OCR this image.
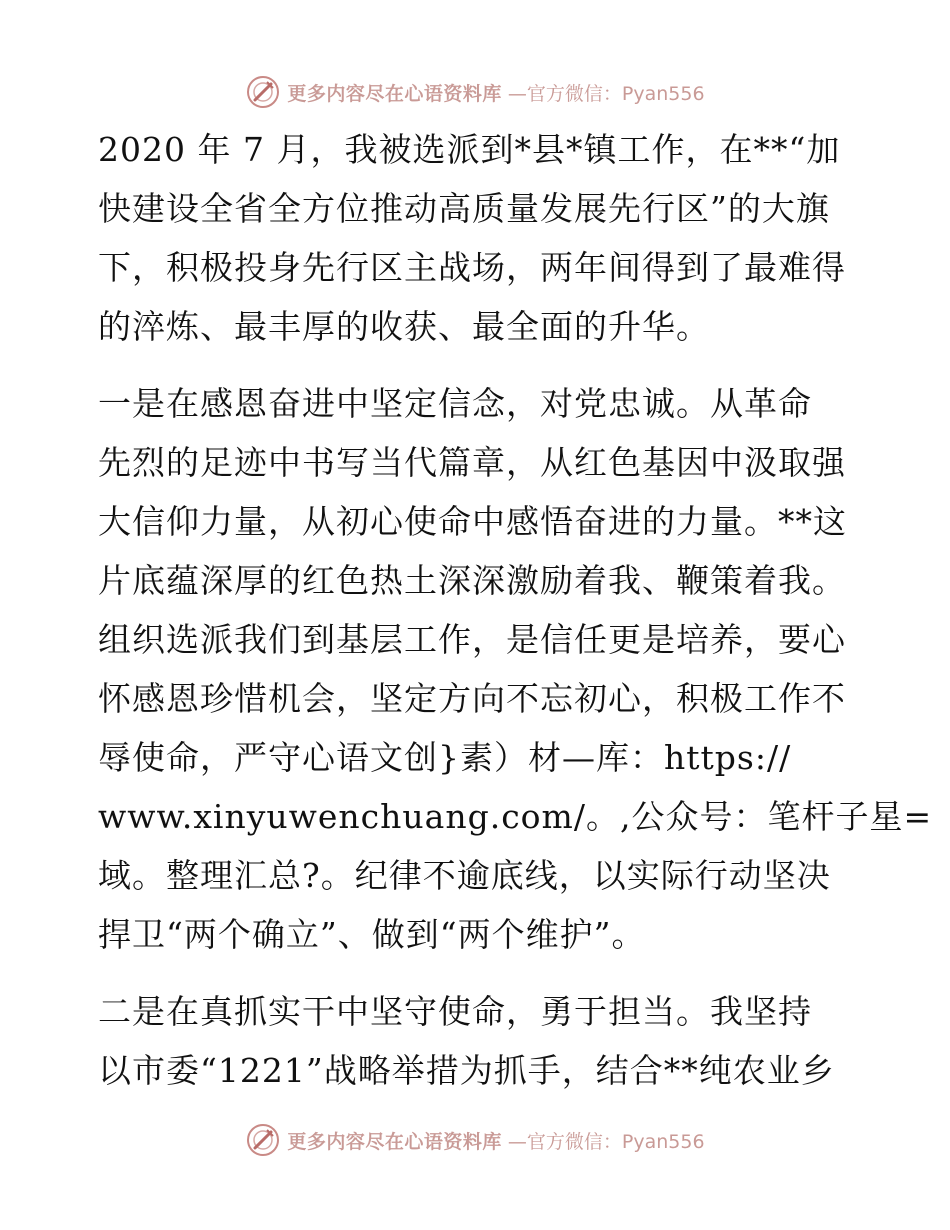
更多内容尽在心语资料库 —官方微信：Pyan556
2020 年 7 月，我被选派到*县*镇工作，在**“加
快建设全省全方位推动高质量发展先行区”的大旗
下，积极投身先行区主战场，两年间得到了最难得
的淬炼、最丰厚的收获、最全面的升华。
一是在感恩奋进中坚定信念，对党忠诚。从革命
先烈的足迹中书写当代篇章，从红色基因中汲取强
大信仰力量，从初心使命中感悟奋进的力量。**这
片底蕴深厚的红色热土深深激励着我、鞭策着我。
组织选派我们到基层工作，是信任更是培养，要心
怀感恩珍惜机会，坚定方向不忘初心，积极工作不
辱使命，严守心语文创}素）材—库：https://
www.xinyuwenchuang.com/。,公众号：笔杆子星=
域。整理汇总?。纪律不逾底线，以实际行动坚决
捍卫“两个确立”、做到“两个维护”。
二是在真抓实干中坚守使命，勇于担当。我坚持
以市委“1221”战略举措为抓手，结合**纯农业乡
更多内容尽在心语资料库 —官方微信：Pyan556
